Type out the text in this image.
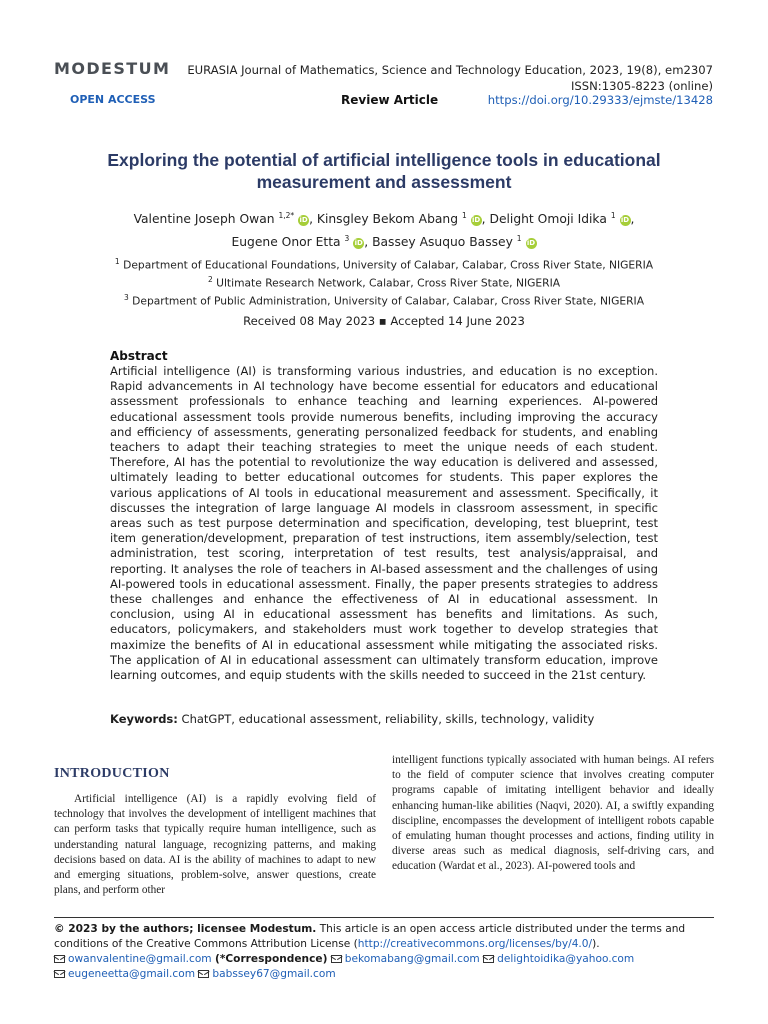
MODESTUM EURASIA Journal of Mathematics, Science and Technology Education, 2023, 19(8), em2307
ISSN:1305-8223 (online)
OPEN ACCESS	Review Article	https://doi.org/10.29333/ejmste/13428
Exploring the potential of artificial intelligence tools in educational measurement and assessment
Valentine Joseph Owan $^{1,2*}$ iD, Kinsgley Bekom Abang $^1$ iD, Delight Omoji Idika $^1$ iD,
Eugene Onor Etta $^3$ iD, Bassey Asuquo Bassey $^1$ iD
$^1$ Department of Educational Foundations, University of Calabar, Calabar, Cross River State, NIGERIA
$^2$ Ultimate Research Network, Calabar, Cross River State, NIGERIA
$^3$ Department of Public Administration, University of Calabar, Calabar, Cross River State, NIGERIA
Received 08 May 2023 ▪ Accepted 14 June 2023
Abstract
Artificial intelligence (AI) is transforming various industries, and education is no exception. Rapid advancements in AI technology have become essential for educators and educational assessment professionals to enhance teaching and learning experiences. AI-powered educational assessment tools provide numerous benefits, including improving the accuracy and efficiency of assessments, generating personalized feedback for students, and enabling teachers to adapt their teaching strategies to meet the unique needs of each student. Therefore, AI has the potential to revolutionize the way education is delivered and assessed, ultimately leading to better educational outcomes for students. This paper explores the various applications of AI tools in educational measurement and assessment. Specifically, it discusses the integration of large language AI models in classroom assessment, in specific areas such as test purpose determination and specification, developing, test blueprint, test item generation/development, preparation of test instructions, item assembly/selection, test administration, test scoring, interpretation of test results, test analysis/appraisal, and reporting. It analyses the role of teachers in AI-based assessment and the challenges of using AI-powered tools in educational assessment. Finally, the paper presents strategies to address these challenges and enhance the effectiveness of AI in educational assessment. In conclusion, using AI in educational assessment has benefits and limitations. As such, educators, policymakers, and stakeholders must work together to develop strategies that maximize the benefits of AI in educational assessment while mitigating the associated risks. The application of AI in educational assessment can ultimately transform education, improve learning outcomes, and equip students with the skills needed to succeed in the 21st century.
Keywords: ChatGPT, educational assessment, reliability, skills, technology, validity
INTRODUCTION
Artificial intelligence (AI) is a rapidly evolving field of technology that involves the development of intelligent machines that can perform tasks that typically require human intelligence, such as understanding natural language, recognizing patterns, and making decisions based on data. AI is the ability of machines to adapt to new and emerging situations, problem-solve, answer questions, create plans, and perform other
intelligent functions typically associated with human beings. AI refers to the field of computer science that involves creating computer programs capable of imitating intelligent behavior and ideally enhancing human-like abilities (Naqvi, 2020). AI, a swiftly expanding discipline, encompasses the development of intelligent robots capable of emulating human thought processes and actions, finding utility in diverse areas such as medical diagnosis, self-driving cars, and education (Wardat et al., 2023). AI-powered tools and
© 2023 by the authors; licensee Modestum. This article is an open access article distributed under the terms and conditions of the Creative Commons Attribution License (http://creativecommons.org/licenses/by/4.0/).
owanvalentine@gmail.com (*Correspondence) bekomabang@gmail.com delightoidika@yahoo.com
eugeneetta@gmail.com babssey67@gmail.com
